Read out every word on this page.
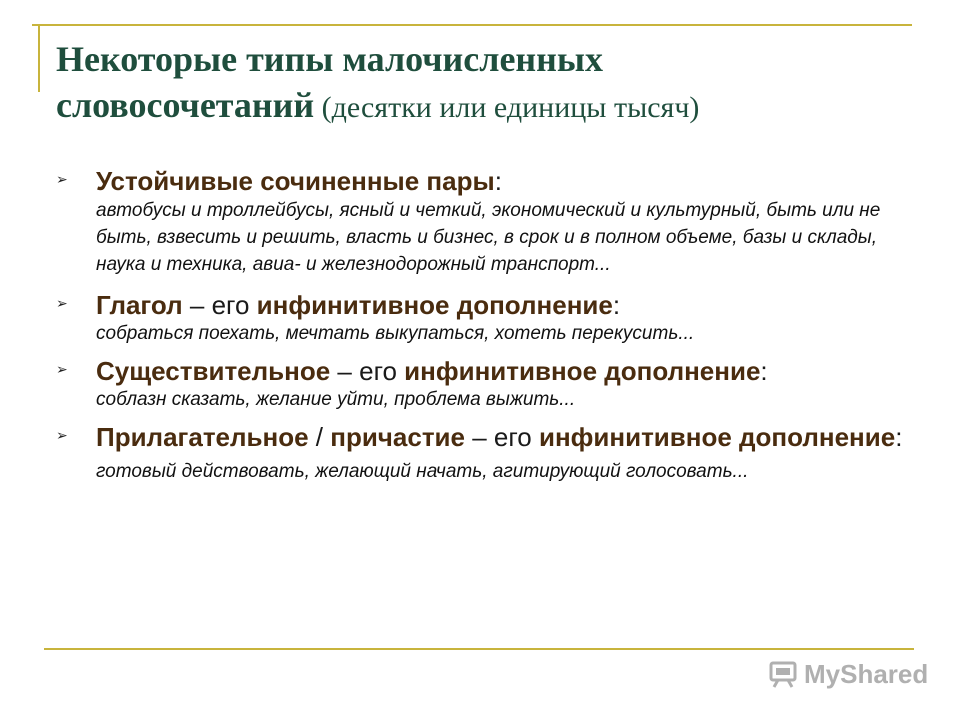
Некоторые типы малочисленных
словосочетаний (десятки или единицы тысяч)
➢ Устойчивые сочиненные пары:
автобусы и троллейбусы, ясный и четкий, экономический и культурный, быть или не быть, взвесить и решить, власть и бизнес, в срок и в полном объеме, базы и склады, наука и техника, авиа- и железнодорожный транспорт...
➢ Глагол – его инфинитивное дополнение:
собраться поехать, мечтать выкупаться, хотеть перекусить...
➢ Существительное – его инфинитивное дополнение:
соблазн сказать, желание уйти, проблема выжить...
➢ Прилагательное / причастие – его инфинитивное дополнение: готовый действовать, желающий начать, агитирующий голосовать...
MyShared
